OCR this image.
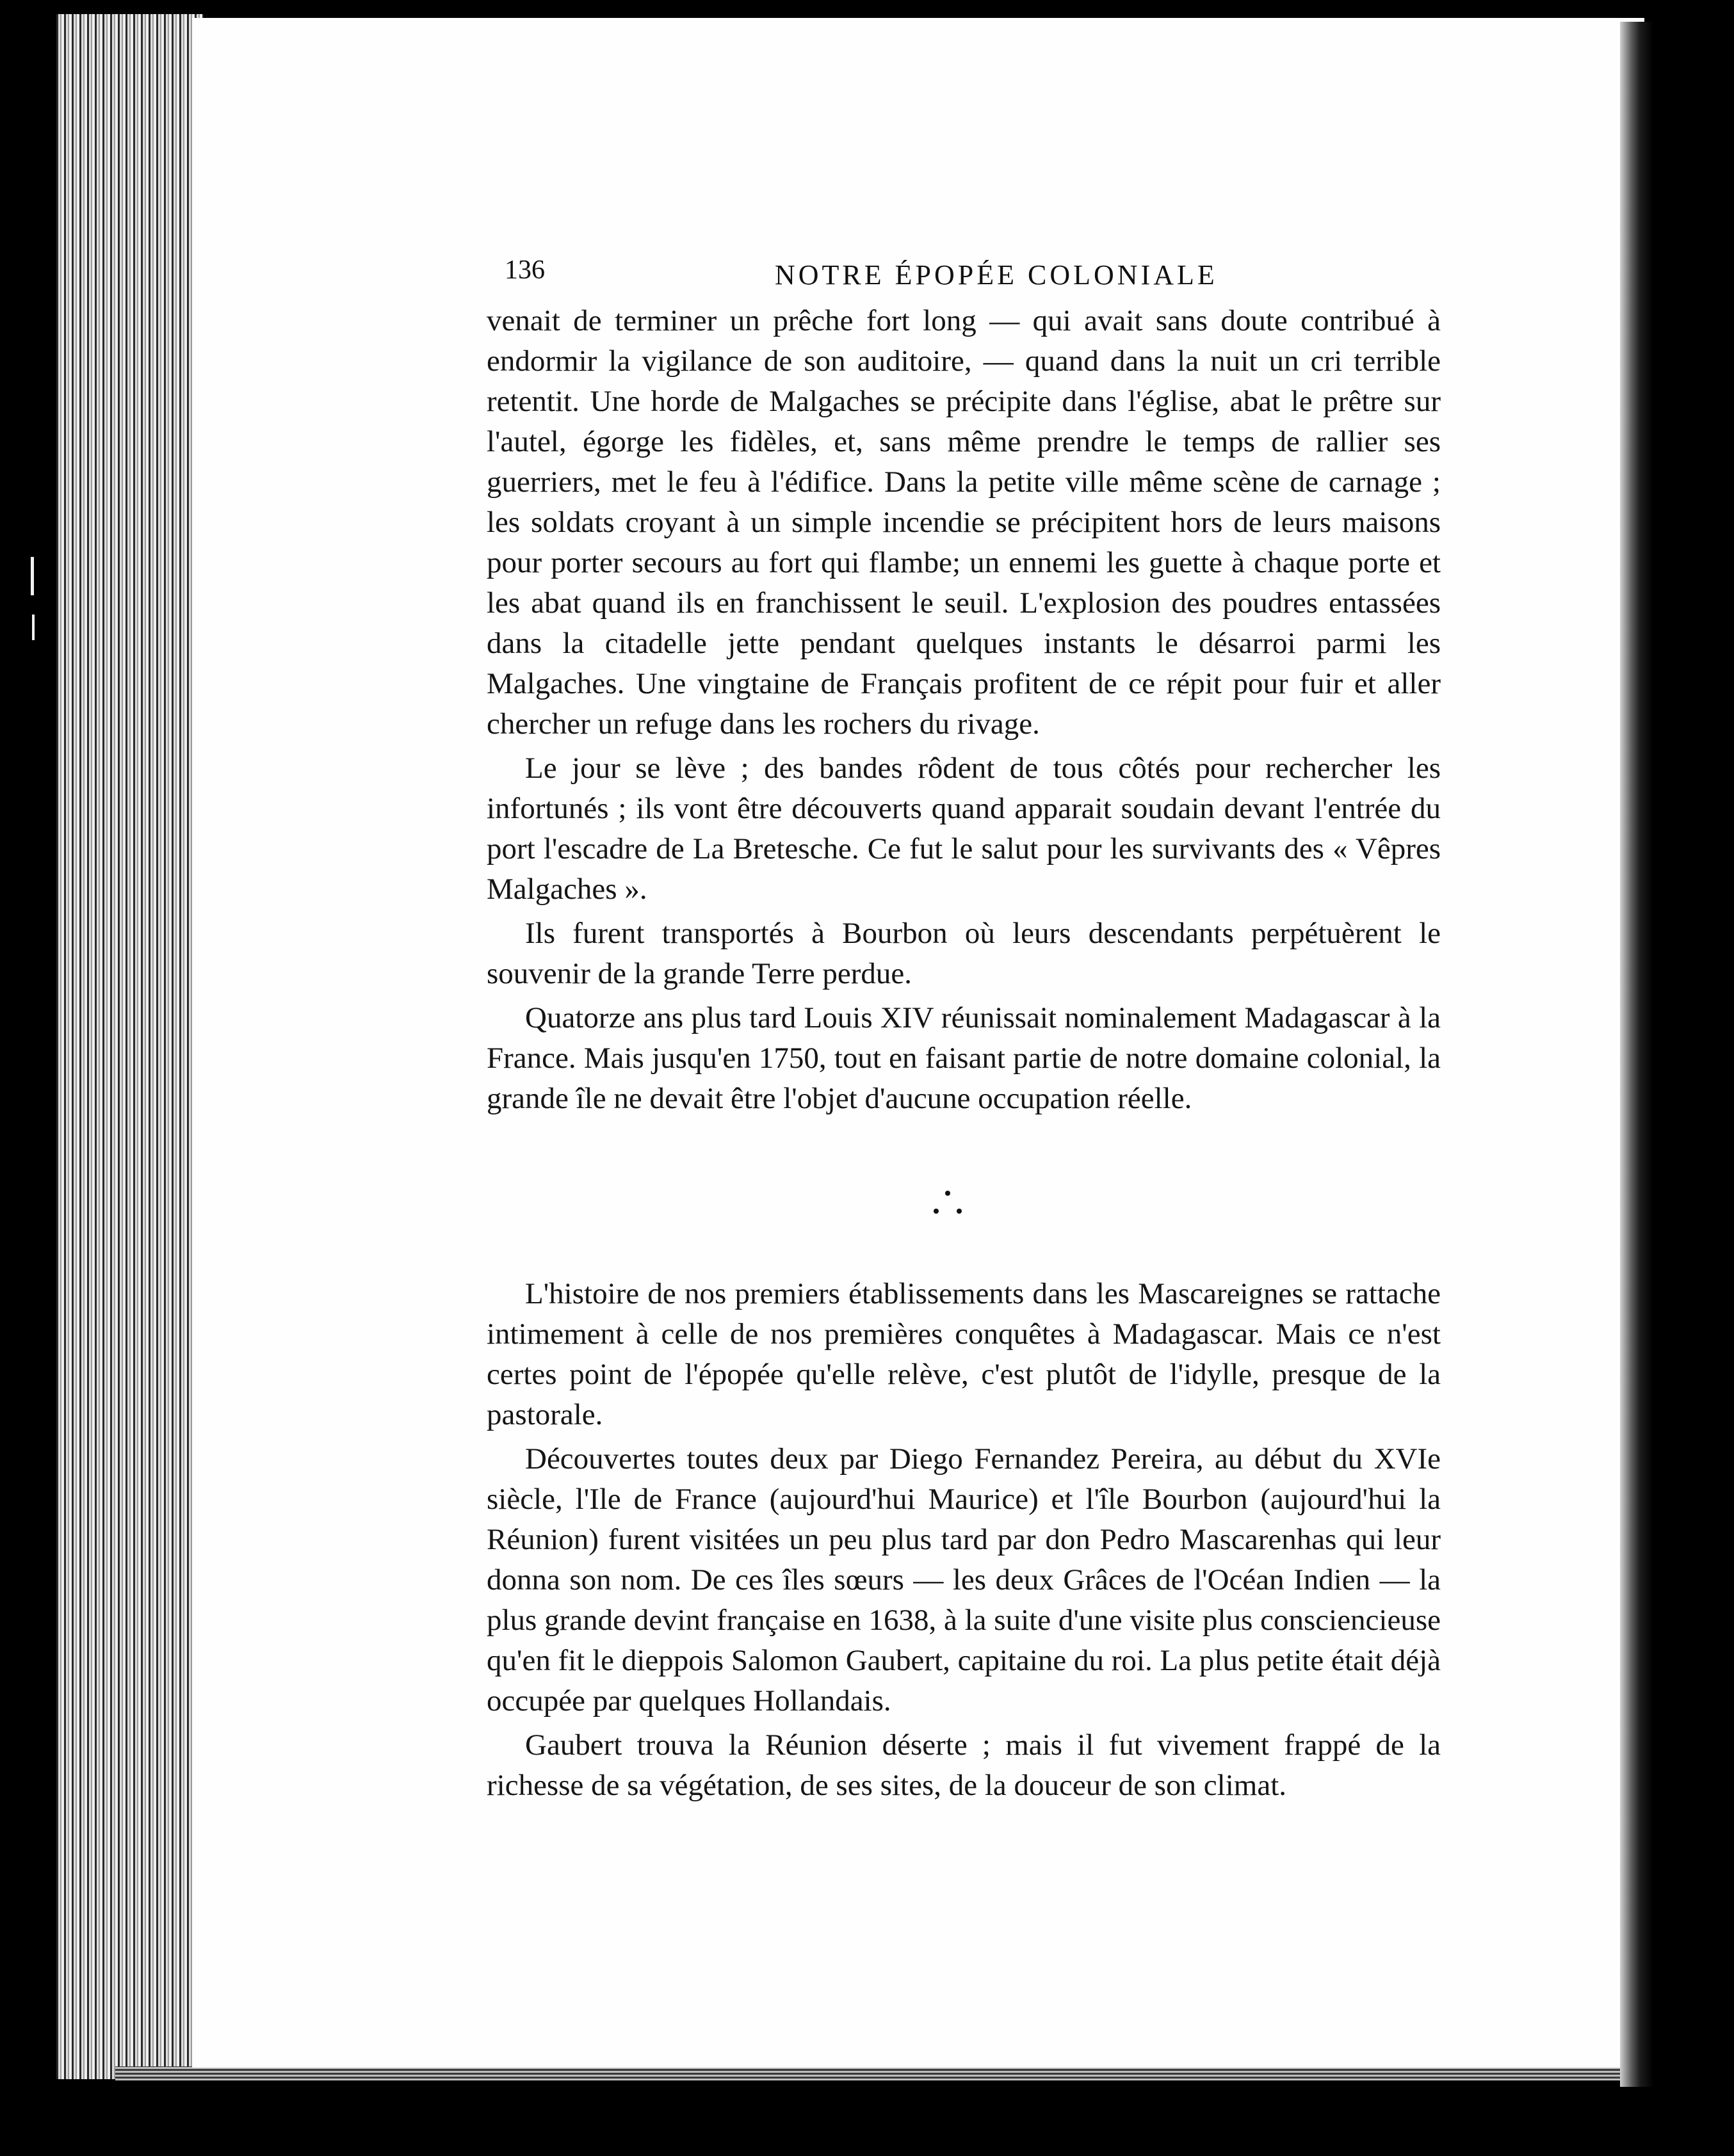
136	NOTRE ÉPOPÉE COLONIALE

venait de terminer un prêche fort long — qui avait sans doute contribué à endormir la vigilance de son auditoire, — quand dans la nuit un cri terrible retentit. Une horde de Malgaches se précipite dans l'église, abat le prêtre sur l'autel, égorge les fidèles, et, sans même prendre le temps de rallier ses guerriers, met le feu à l'édifice. Dans la petite ville même scène de carnage ; les soldats croyant à un simple incendie se précipitent hors de leurs maisons pour porter secours au fort qui flambe; un ennemi les guette à chaque porte et les abat quand ils en franchissent le seuil. L'explosion des poudres entassées dans la citadelle jette pendant quelques instants le désarroi parmi les Malgaches. Une vingtaine de Français profitent de ce répit pour fuir et aller chercher un refuge dans les rochers du rivage.

Le jour se lève ; des bandes rôdent de tous côtés pour rechercher les infortunés ; ils vont être découverts quand apparait soudain devant l'entrée du port l'escadre de La Bretesche. Ce fut le salut pour les survivants des « Vêpres Malgaches ».

Ils furent transportés à Bourbon où leurs descendants perpétuèrent le souvenir de la grande Terre perdue.

Quatorze ans plus tard Louis XIV réunissait nominalement Madagascar à la France. Mais jusqu'en 1750, tout en faisant partie de notre domaine colonial, la grande île ne devait être l'objet d'aucune occupation réelle.

L'histoire de nos premiers établissements dans les Mascareignes se rattache intimement à celle de nos premières conquêtes à Madagascar. Mais ce n'est certes point de l'épopée qu'elle relève, c'est plutôt de l'idylle, presque de la pastorale.

Découvertes toutes deux par Diego Fernandez Pereira, au début du XVIe siècle, l'Ile de France (aujourd'hui Maurice) et l'île Bourbon (aujourd'hui la Réunion) furent visitées un peu plus tard par don Pedro Mascarenhas qui leur donna son nom. De ces îles sœurs — les deux Grâces de l'Océan Indien — la plus grande devint française en 1638, à la suite d'une visite plus consciencieuse qu'en fit le dieppois Salomon Gaubert, capitaine du roi. La plus petite était déjà occupée par quelques Hollandais.

Gaubert trouva la Réunion déserte ; mais il fut vivement frappé de la richesse de sa végétation, de ses sites, de la douceur de son climat.
